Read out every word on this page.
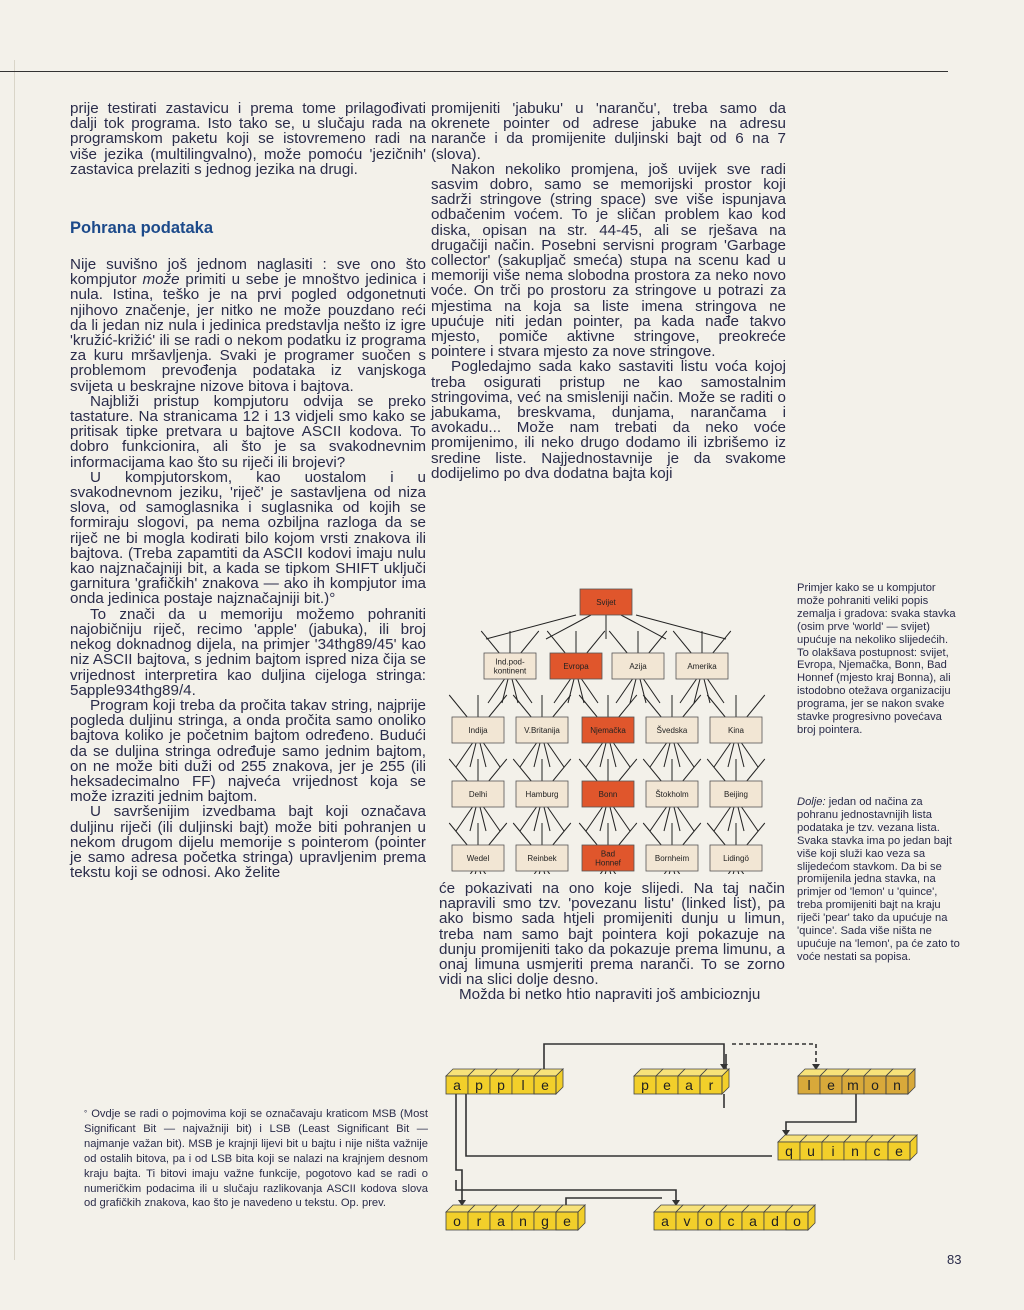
prije testirati zastavicu i prema tome prilagođivati dalji tok programa. Isto tako se, u slučaju rada na programskom paketu koji se istovremeno radi na više jezika (multilingvalno), može pomoću 'jezičnih' zastavica prelaziti s jednog jezika na drugi.

Pohrana podataka

Nije suvišno još jednom naglasiti : sve ono što kompjutor može primiti u sebe je mnoštvo jedinica i nula. Istina, teško je na prvi pogled odgonetnuti njihovo značenje, jer nitko ne može pouzdano reći da li jedan niz nula i jedinica predstavlja nešto iz igre 'kružić-križić' ili se radi o nekom podatku iz programa za kuru mršavljenja. Svaki je programer suočen s problemom prevođenja podataka iz vanjskoga svijeta u beskrajne nizove bitova i bajtova.

Najbliži pristup kompjutoru odvija se preko tastature. Na stranicama 12 i 13 vidjeli smo kako se pritisak tipke pretvara u bajtove ASCII kodova. To dobro funkcionira, ali što je sa svakodnevnim informacijama kao što su riječi ili brojevi?

U kompjutorskom, kao uostalom i u svakodnevnom jeziku, 'riječ' je sastavljena od niza slova, od samoglasnika i suglasnika od kojih se formiraju slogovi, pa nema ozbiljna razloga da se riječ ne bi mogla kodirati bilo kojom vrsti znakova ili bajtova. (Treba zapamtiti da ASCII kodovi imaju nulu kao najznačajniji bit, a kada se tipkom SHIFT uključi garnitura 'grafičkih' znakova — ako ih kompjutor ima onda jedinica postaje najznačajniji bit.)°

To znači da u memoriju možemo pohraniti najobičniju riječ, recimo 'apple' (jabuka), ili broj nekog doknadnog dijela, na primjer '34thg89/45' kao niz ASCII bajtova, s jednim bajtom ispred niza čija se vrijednost interpretira kao duljina cijeloga stringa: 5apple934thg89/4.

Program koji treba da pročita takav string, najprije pogleda duljinu stringa, a onda pročita samo onoliko bajtova koliko je početnim bajtom određeno. Budući da se duljina stringa određuje samo jednim bajtom, on ne može biti duži od 255 znakova, jer je 255 (ili heksadecimalno FF) najveća vrijednost koja se može izraziti jednim bajtom.

U savršenijim izvedbama bajt koji označava duljinu riječi (ili duljinski bajt) može biti pohranjen u nekom drugom dijelu memorije s pointerom (pointer je samo adresa početka stringa) upravljenim prema tekstu koji se odnosi. Ako želite

promijeniti 'jabuku' u 'naranču', treba samo da okrenete pointer od adrese jabuke na adresu naranče i da promijenite duljinski bajt od 6 na 7 (slova).

Nakon nekoliko promjena, još uvijek sve radi sasvim dobro, samo se memorijski prostor koji sadrži stringove (string space) sve više ispunjava odbačenim voćem. To je sličan problem kao kod diska, opisan na str. 44-45, ali se rješava na drugačiji način. Posebni servisni program 'Garbage collector' (sakupljač smeća) stupa na scenu kad u memoriji više nema slobodna prostora za neko novo voće. On trči po prostoru za stringove u potrazi za mjestima na koja sa liste imena stringova ne upućuje niti jedan pointer, pa kada nađe takvo mjesto, pomiče aktivne stringove, preokreće pointere i stvara mjesto za nove stringove.

Pogledajmo sada kako sastaviti listu voća kojoj treba osigurati pristup ne kao samostalnim stringovima, već na smisleniji način. Može se raditi o jabukama, breskvama, dunjama, narančama i avokadu... Može nam trebati da neko voće promijenimo, ili neko drugo dodamo ili izbrišemo iz sredine liste. Najjednostavnije je da svakome dodijelimo po dva dodatna bajta koji

će pokazivati na ono koje slijedi. Na taj način napravili smo tzv. 'povezanu listu' (linked list), pa ako bismo sada htjeli promijeniti dunju u limun, treba nam samo bajt pointera koji pokazuje na dunju promijeniti tako da pokazuje prema limunu, a onaj limuna usmjeriti prema naranči. To se zorno vidi na slici dolje desno.

Možda bi netko htio napraviti još ambicioznju

° Ovdje se radi o pojmovima koji se označavaju kraticom MSB (Most Significant Bit — najvažniji bit) i LSB (Least Significant Bit — najmanje važan bit). MSB je krajnji lijevi bit u bajtu i nije ništa važnije od ostalih bitova, pa i od LSB bita koji se nalazi na krajnjem desnom kraju bajta. Ti bitovi imaju važne funkcije, pogotovo kad se radi o numeričkim podacima ili u slučaju razlikovanja ASCII kodova slova od grafičkih znakova, kao što je navedeno u tekstu. Op. prev.
Primjer kako se u kompjutor može pohraniti veliki popis zemalja i gradova: svaka stavka (osim prve 'world' — svijet) upućuje na nekoliko slijedećih. To olakšava postupnost: svijet, Evropa, Njemačka, Bonn, Bad Honnef (mjesto kraj Bonna), ali istodobno otežava organizaciju programa, jer se nakon svake stavke progresivno povećava broj pointera.
Dolje: jedan od načina za pohranu jednostavnijih lista podataka je tzv. vezana lista. Svaka stavka ima po jedan bajt više koji služi kao veza sa slijedećom stavkom. Da bi se promijenila jedna stavka, na primjer od 'lemon' u 'quince', treba promijeniti bajt na kraju riječi 'pear' tako da upućuje na 'quince'. Sada više ništa ne upućuje na 'lemon', pa će zato to voće nestati sa popisa.
Svijet
Ind.pod-
kontinent	Evropa	Azija	Amerika
Indija	V.Britanija	Njemačka	Švedska	Kina
Delhi	Hamburg	Bonn	Štokholm	Beijing
Wedel	Reinbek	Bad
Honnef	Bornheim	Lidingö
a p p l e	p e a r	l e m o n
q u i n c e
o r a n g e	a v o c a d o
83
